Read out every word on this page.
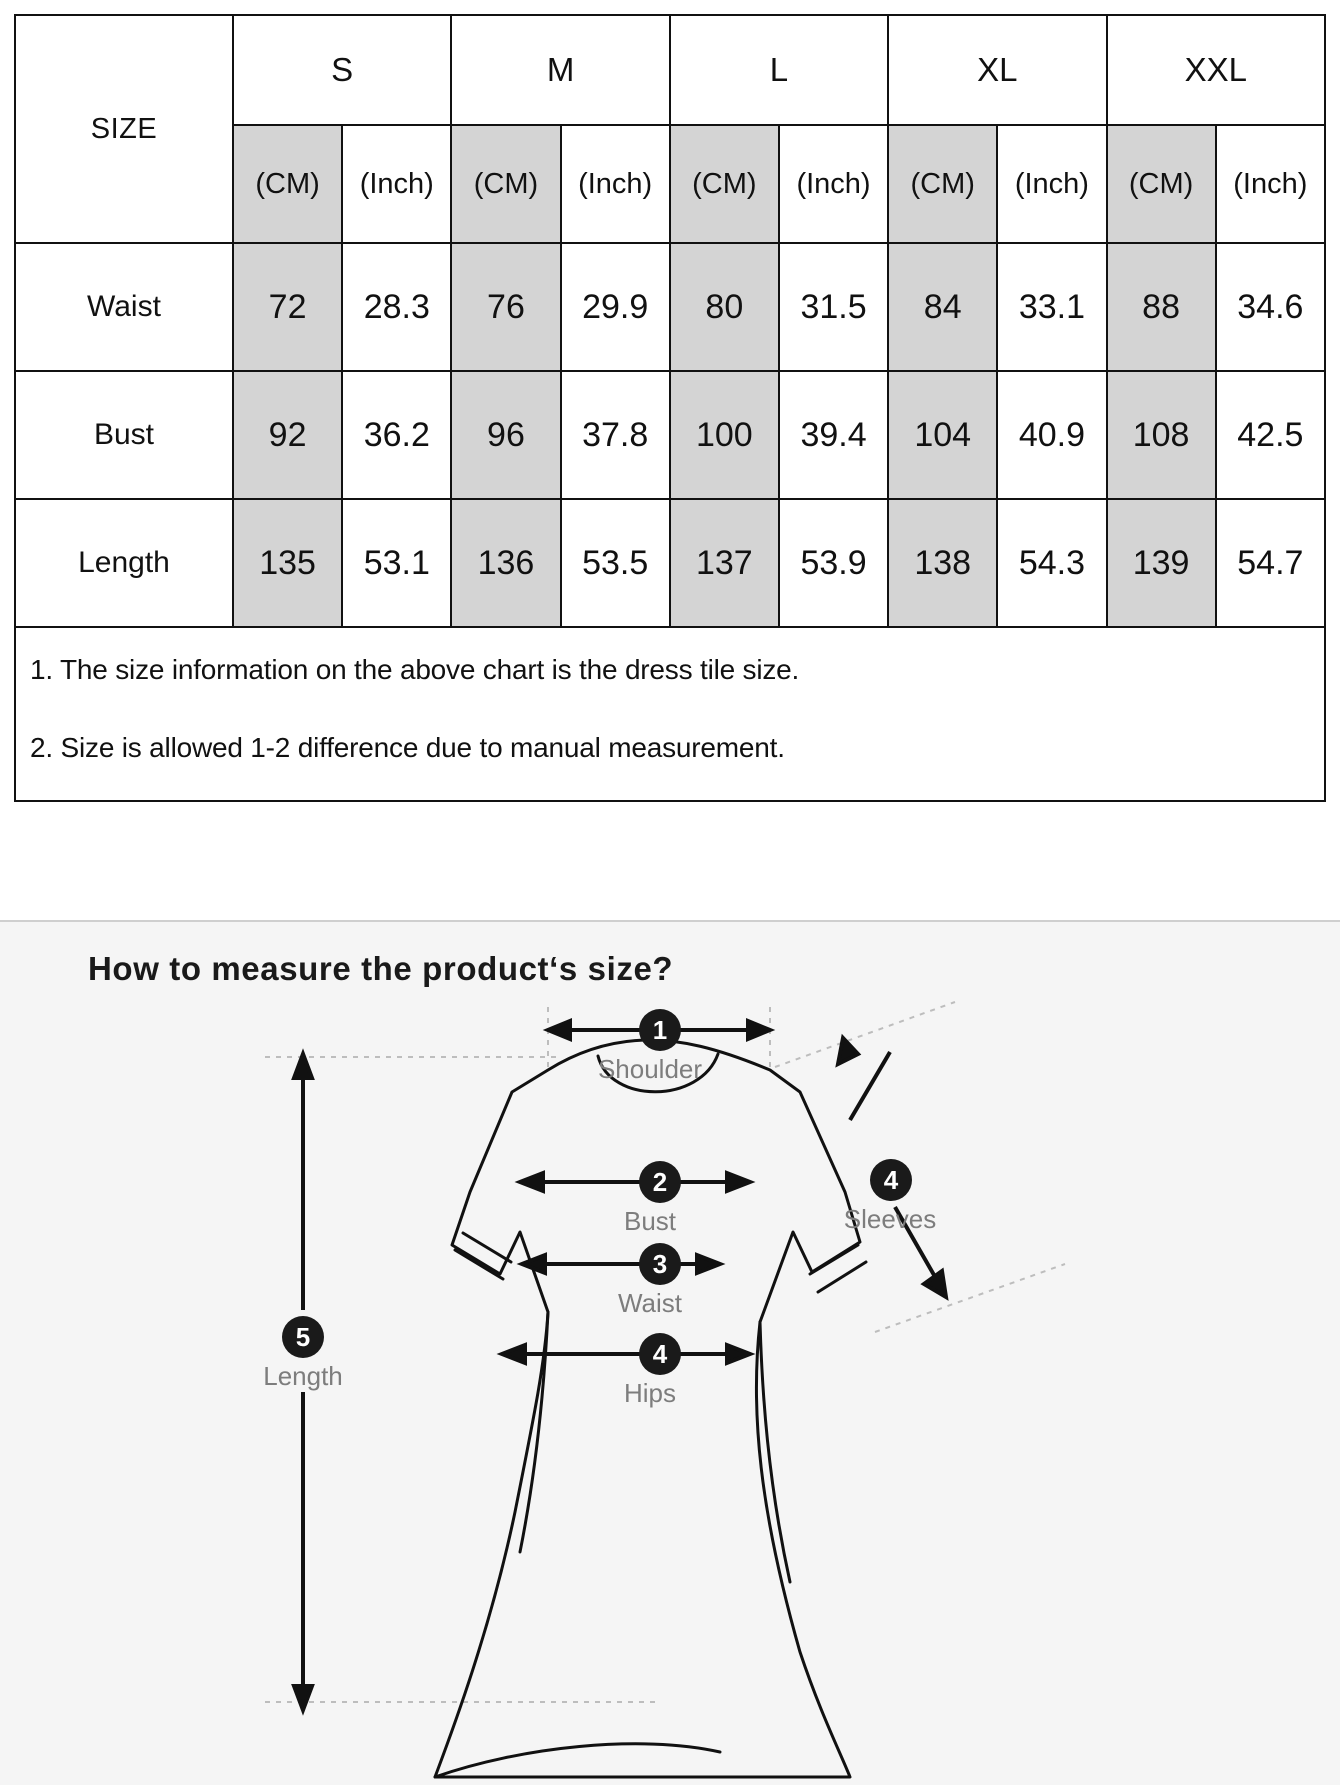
SIZE	S		M		L		XL		XXL	
	(CM)	(Inch)	(CM)	(Inch)	(CM)	(Inch)	(CM)	(Inch)	(CM)	(Inch)
Waist	72	28.3	76	29.9	80	31.5	84	33.1	88	34.6
Bust	92	36.2	96	37.8	100	39.4	104	40.9	108	42.5
Length	135	53.1	136	53.5	137	53.9	138	54.3	139	54.7

1. The size information on the above chart is the dress tile size.

2. Size is allowed 1-2 difference due to manual measurement.

How to measure the product‘s size?
1
Shoulder
2
Bust
3
Waist
4
Hips
4
Sleeves
5
Length
